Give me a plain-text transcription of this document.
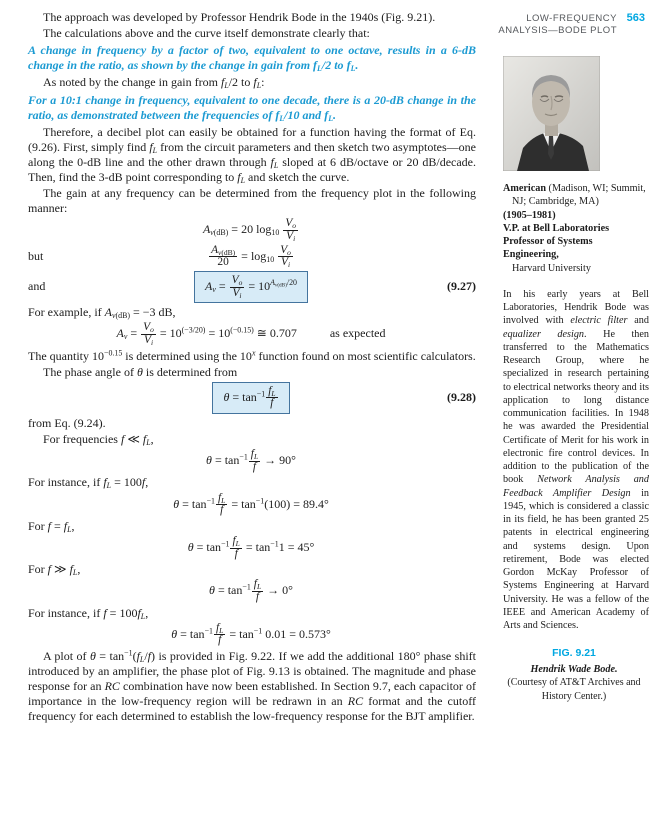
LOW-FREQUENCY
ANALYSIS—BODE PLOT
563

The approach was developed by Professor Hendrik Bode in the 1940s (Fig. 9.21).

The calculations above and the curve itself demonstrate clearly that:

A change in frequency by a factor of two, equivalent to one octave, results in a 6-dB change in the ratio, as shown by the change in gain from fL/2 to fL.

As noted by the change in gain from fL/2 to fL:

For a 10:1 change in frequency, equivalent to one decade, there is a 20-dB change in the ratio, as demonstrated between the frequencies of fL/10 and fL.

Therefore, a decibel plot can easily be obtained for a function having the format of Eq. (9.26). First, simply find fL from the circuit parameters and then sketch two asymptotes—one along the 0-dB line and the other drawn through fL sloped at 6 dB/octave or 20 dB/decade. Then, find the 3-dB point corresponding to fL and sketch the curve.

The gain at any frequency can be determined from the frequency plot in the following manner:

Av(dB) = 20 $\log 10 \frac{Vo}{Vi}$
but	$\frac{Av(dB)}{20} = \log 10 \frac{Vo}{Vi}$
and	$Av = \frac{Vo}{Vi} = 10^{Av(dB)/20}$	(9.27)

For example, if Av(dB) = −3 dB,

$Av = \frac{Vo}{Vi} = 10^{(-3/20)} = 10^{(-0.15)}$ ≅ 0.707	as expected

The quantity $10^{-0.15}$ is determined using the 10$^x$ function found on most scientific calculators.

The phase angle of θ is determined from

$\theta = \tan^{-1} \frac{fL}{f}$	(9.28)

from Eq. (9.24).

For frequencies f ≪ fL,

$\theta = \tan^{-1} \frac{fL}{f} \to 90^\circ$

For instance, if fL = 100f,

$\theta = \tan^{-1} \frac{fL}{f} = \tan^{-1}(100) = 89.4^\circ$

For f = fL,

$\theta = \tan^{-1} \frac{fL}{f} = \tan^{-1}1 = 45^\circ$

For f ≫ fL,

$\theta = \tan^{-1} \frac{fL}{f} \to 0^\circ$

For instance, if f = 100fL,

$\theta = \tan^{-1} \frac{fL}{f} = \tan^{-1} 0.01 = 0.573^\circ$

A plot of $\theta = \tan^{-1}(fL/f)$ is provided in Fig. 9.22. If we add the additional 180° phase shift introduced by an amplifier, the phase plot of Fig. 9.13 is obtained. The magnitude and phase response for an RC combination have now been established. In Section 9.7, each capacitor of importance in the low-frequency region will be redrawn in an RC format and the cutoff frequency for each determined to establish the low-frequency response for the BJT amplifier.

American (Madison, WI; Summit,
NJ; Cambridge, MA)
(1905–1981)
V.P. at Bell Laboratories
Professor of Systems Engineering,
Harvard University
In his early years at Bell Laboratories, Hendrik Bode was involved with electric filter and equalizer design. He then transferred to the Mathematics Research Group, where he specialized in research pertaining to electrical networks theory and its application to long distance communication facilities. In 1948 he was awarded the Presidential Certificate of Merit for his work in electronic fire control devices. In addition to the publication of the book Network Analysis and Feedback Amplifier Design in 1945, which is considered a classic in its field, he has been granted 25 patents in electrical engineering and systems design. Upon retirement, Bode was elected Gordon McKay Professor of Systems Engineering at Harvard University. He was a fellow of the IEEE and American Academy of Arts and Sciences.
FIG. 9.21
Hendrik Wade Bode.
(Courtesy of AT&T Archives and
History Center.)
